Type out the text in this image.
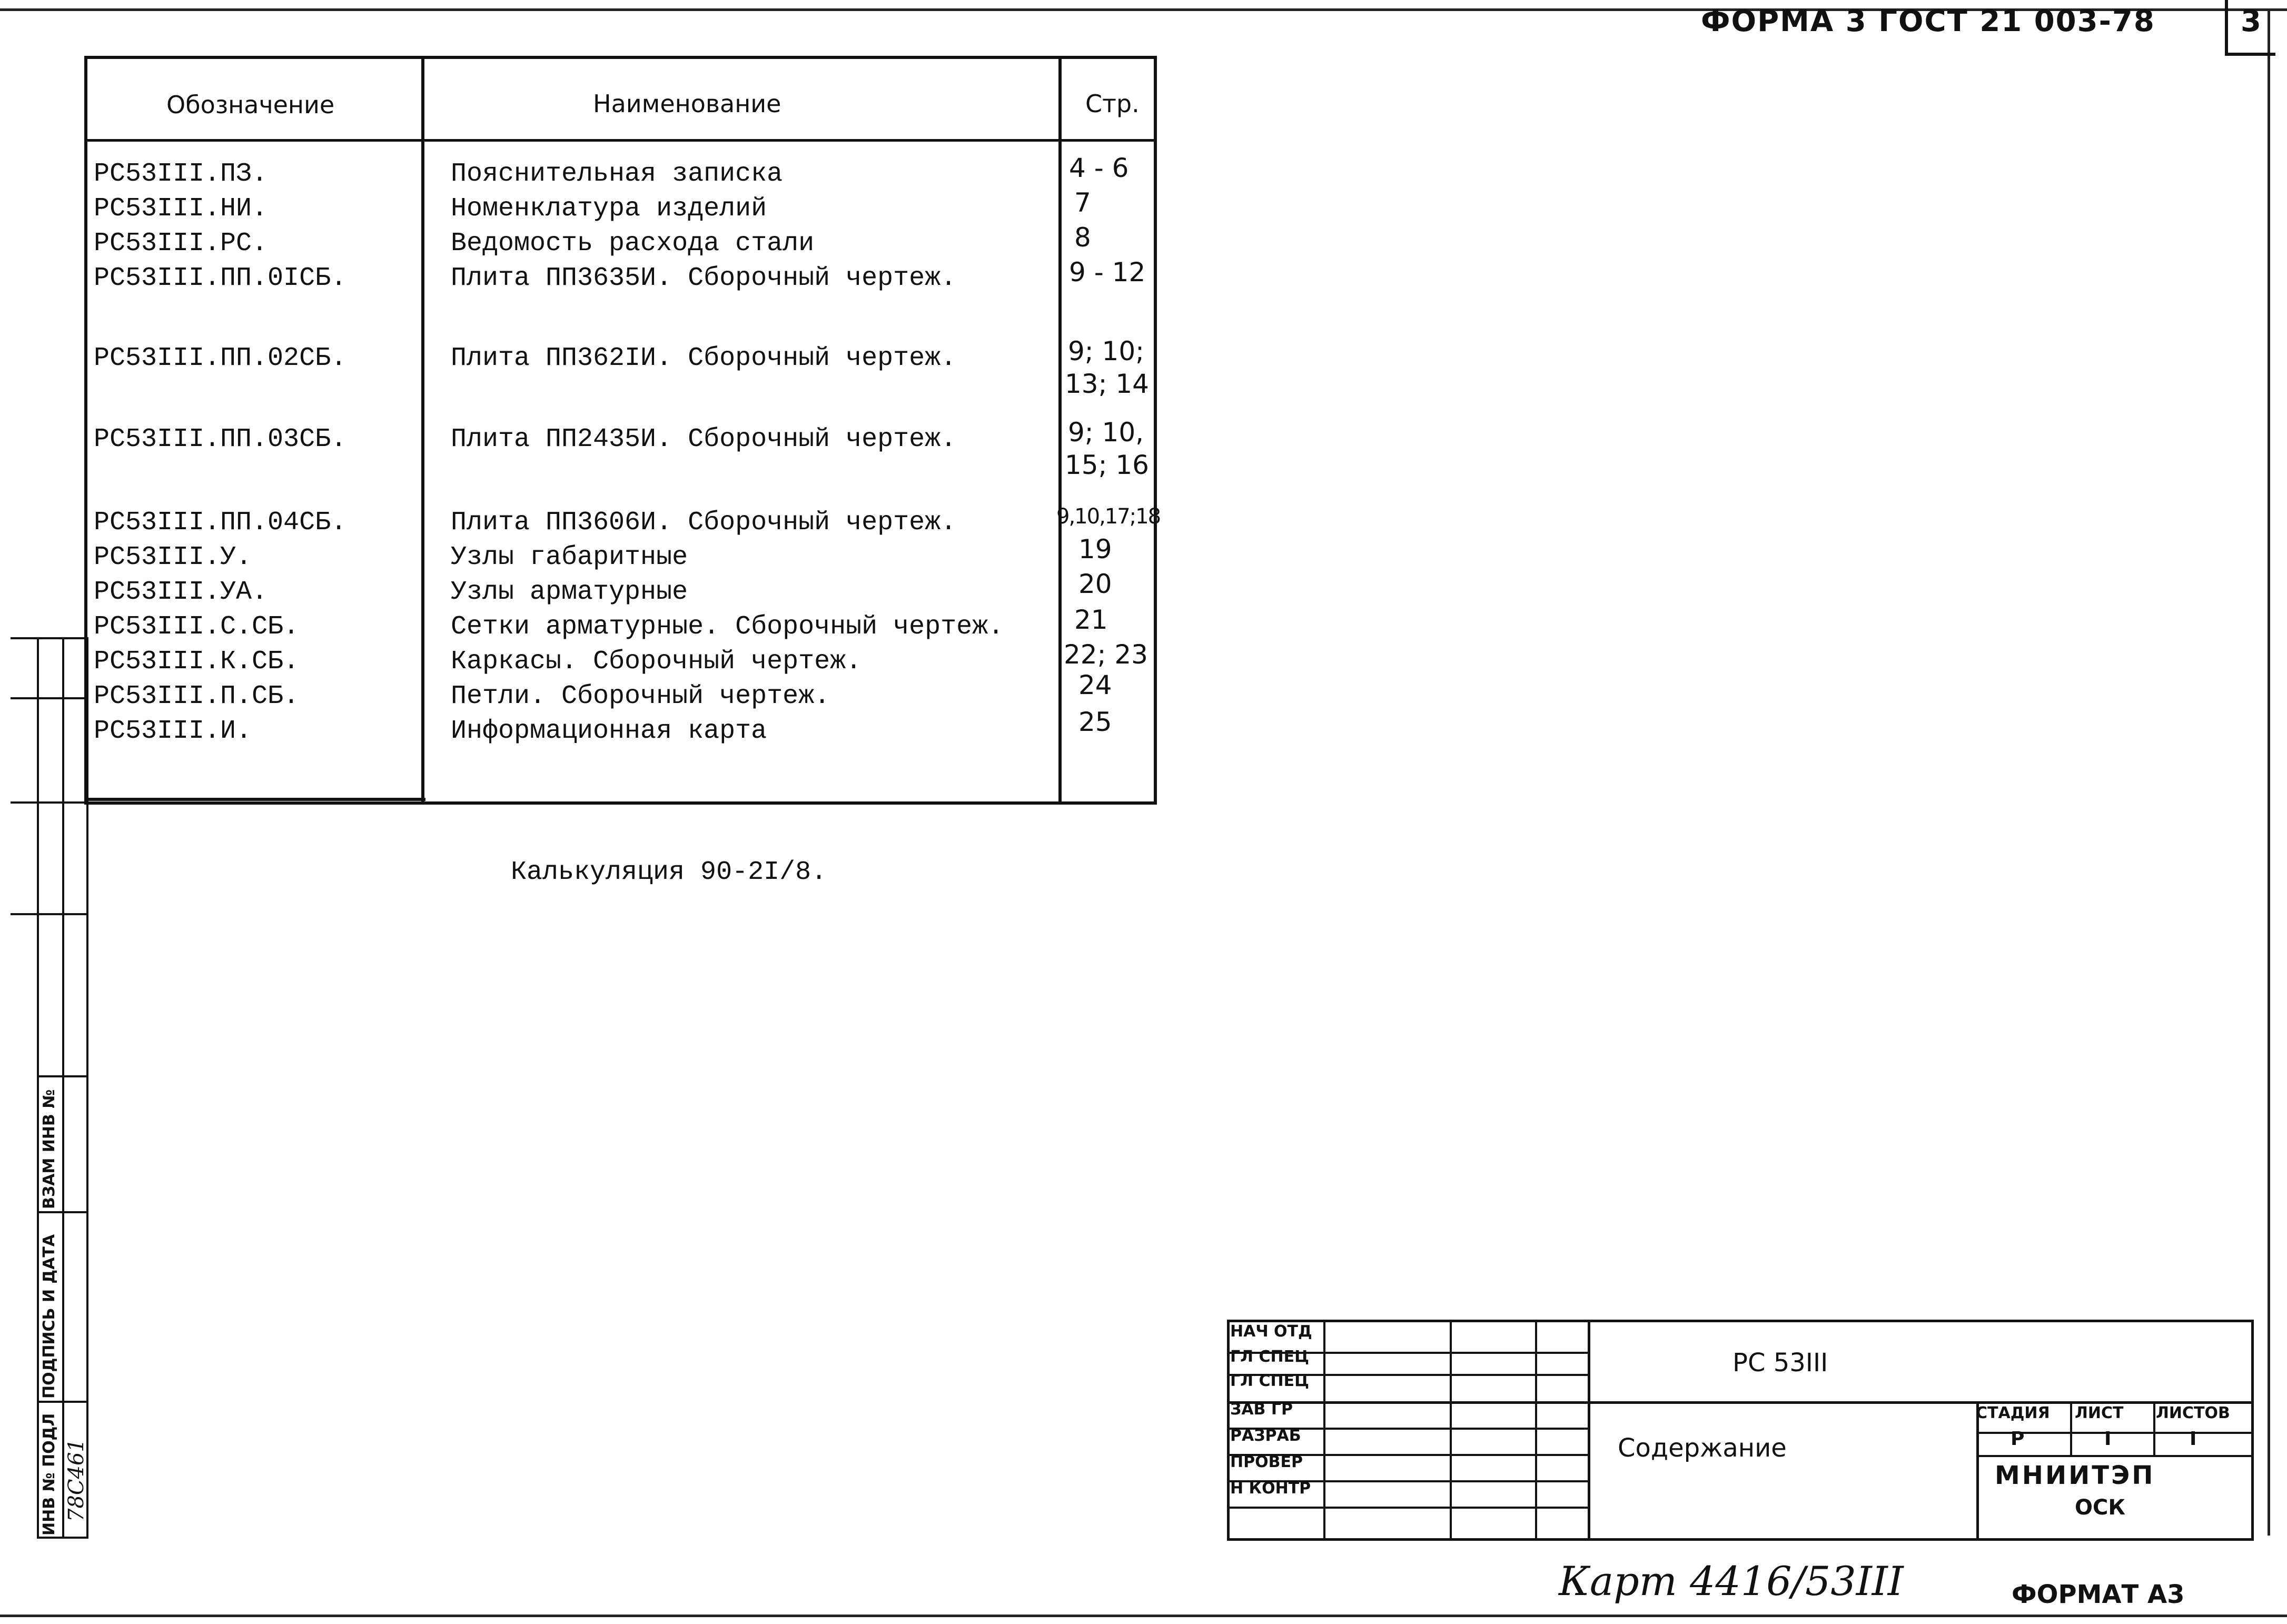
ФОРМА 3 ГОСТ 21 003-78	3
Обозначение	Наименование	Стр.
РС53III.ПЗ.	Пояснительная записка	4 - 6
РС53III.НИ.	Номенклатура изделий	7
РС53III.РС.	Ведомость расхода стали	8
РС53III.ПП.0IСБ.	Плита ПП3635И. Сборочный чертеж.	9 - 12
РС53III.ПП.02СБ.	Плита ПП362IИ. Сборочный чертеж.	9; 10;
13; 14
РС53III.ПП.03СБ.	Плита ПП2435И. Сборочный чертеж.	9; 10,
15; 16
РС53III.ПП.04СБ.	Плита ПП3606И. Сборочный чертеж.	9,10,17;18
РС53III.У.	Узлы габаритные	19
РС53III.УА.	Узлы арматурные	20
РС53III.С.СБ.	Сетки арматурные. Сборочный чертеж.	21
РС53III.К.СБ.	Каркасы. Сборочный чертеж.	22; 23
РС53III.П.СБ.	Петли. Сборочный чертеж.	24
РС53III.И.	Информационная карта	25
Калькуляция 90-2I/8.
ИНВ № ПОДЛ
ПОДПИСЬ И ДАТА
ВЗАМ ИНВ №
78C461
НАЧ ОТД
ГЛ СПЕЦ
ГЛ СПЕЦ
ЗАВ ГР
РАЗРАБ
ПРОВЕР
Н КОНТР
РС 53III
Содержание
СТАДИЯ ЛИСТ ЛИСТОВ
Р	I	I
МНИИТЭП
ОСК
Карт 4416/53III	ФОРМАТ А3
